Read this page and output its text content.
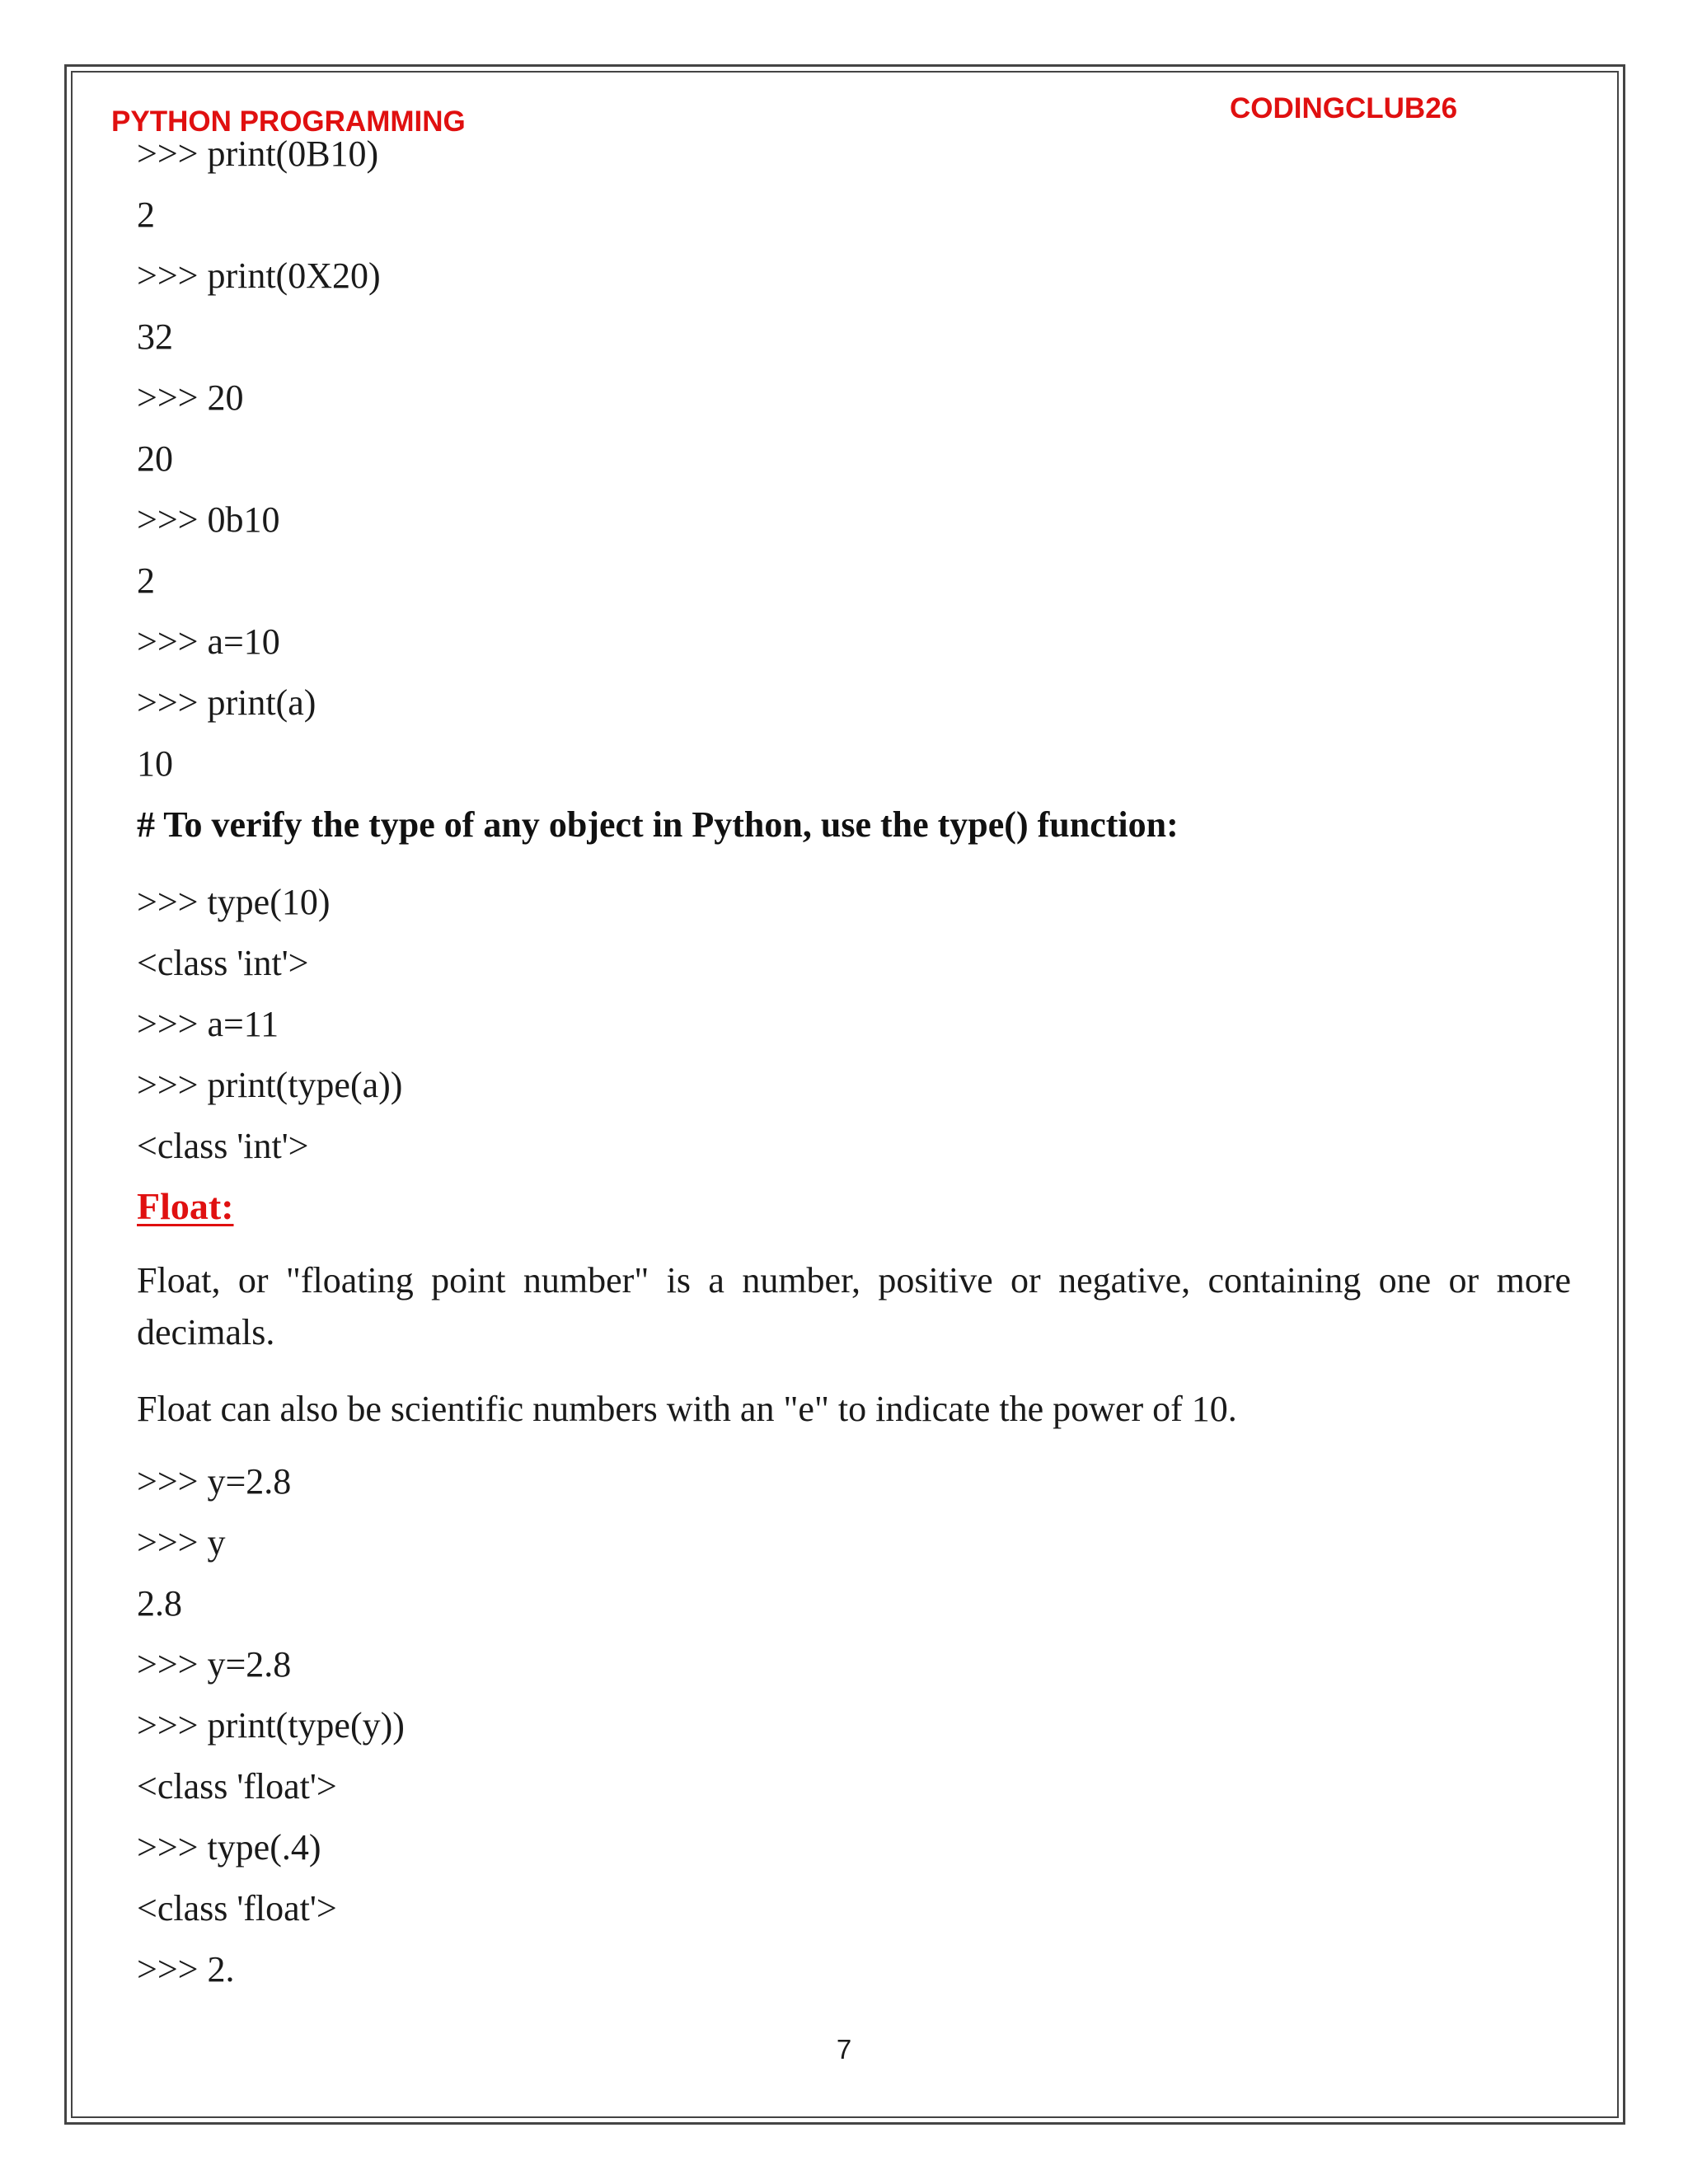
PYTHON PROGRAMMING	CODINGCLUB26
>>> print(0B10)
2
>>> print(0X20)
32
>>> 20
20
>>> 0b10
2
>>> a=10
>>> print(a)
10
# To verify the type of any object in Python, use the type() function:
>>> type(10)
<class 'int'>
>>> a=11
>>> print(type(a))
<class 'int'>
Float:
Float, or "floating point number" is a number, positive or negative, containing one or more decimals.
Float can also be scientific numbers with an "e" to indicate the power of 10.
>>> y=2.8
>>> y
2.8
>>> y=2.8
>>> print(type(y))
<class 'float'>
>>> type(.4)
<class 'float'>
>>> 2.
7
